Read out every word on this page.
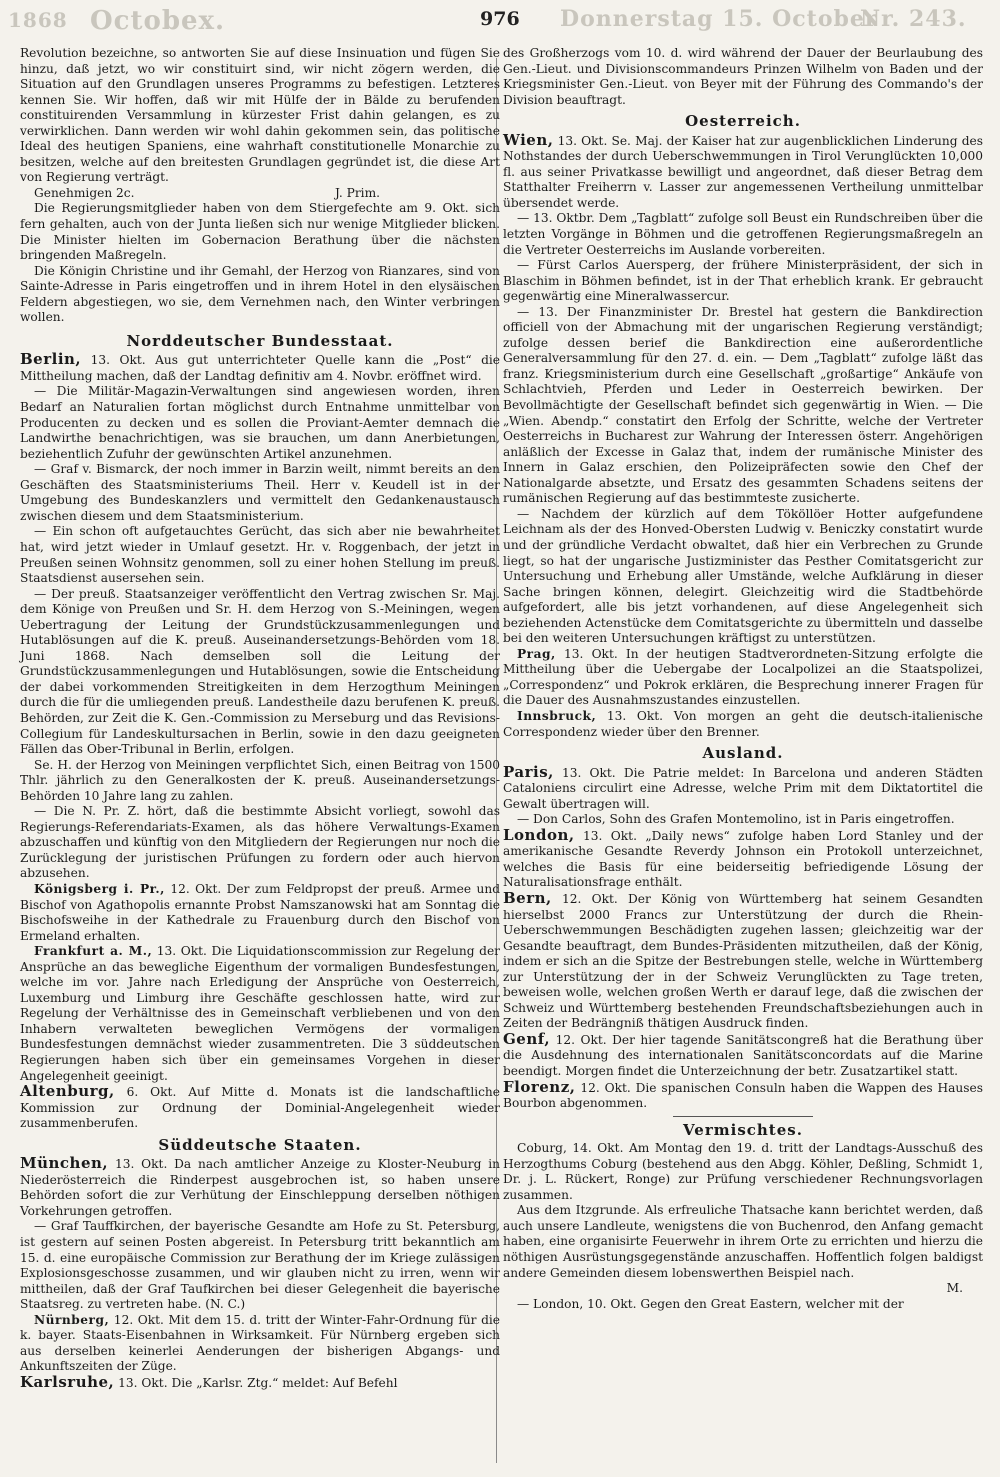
Octobex.
1868	976 Donnerstag 15. October
Nr. 243.

Revolution bezeichne, so antworten Sie auf diese Insinuation und fügen Sie hinzu, daß jetzt, wo wir constituirt sind, wir nicht zögern werden, die Situation auf den Grundlagen unseres Programms zu befestigen. Letzteres kennen Sie. Wir hoffen, daß wir mit Hülfe der in Bälde zu berufenden constituirenden Versammlung in kürzester Frist dahin gelangen, es zu verwirklichen. Dann werden wir wohl dahin gekommen sein, das politische Ideal des heutigen Spaniens, eine wahrhaft constitutionelle Monarchie zu besitzen, welche auf den breitesten Grundlagen gegründet ist, die diese Art von Regierung verträgt.

Genehmigen 2c.	J. Prim.

Die Regierungsmitglieder haben von dem Stiergefechte am 9. Okt. sich fern gehalten, auch von der Junta ließen sich nur wenige Mitglieder blicken. Die Minister hielten im Gobernacion Berathung über die nächsten bringenden Maßregeln.

Die Königin Christine und ihr Gemahl, der Herzog von Rianzares, sind von Sainte-Adresse in Paris eingetroffen und in ihrem Hotel in den elysäischen Feldern abgestiegen, wo sie, dem Vernehmen nach, den Winter verbringen wollen.

Norddeutscher Bundesstaat.

Berlin, 13. Okt. Aus gut unterrichteter Quelle kann die „Post“ die Mittheilung machen, daß der Landtag definitiv am 4. Novbr. eröffnet wird.

— Die Militär-Magazin-Verwaltungen sind angewiesen worden, ihren Bedarf an Naturalien fortan möglichst durch Entnahme unmittelbar von Producenten zu decken und es sollen die Proviant-Aemter demnach die Landwirthe benachrichtigen, was sie brauchen, um dann Anerbietungen, beziehentlich Zufuhr der gewünschten Artikel anzunehmen.

— Graf v. Bismarck, der noch immer in Barzin weilt, nimmt bereits an den Geschäften des Staatsministeriums Theil. Herr v. Keudell ist in der Umgebung des Bundeskanzlers und vermittelt den Gedankenaustausch zwischen diesem und dem Staatsministerium.

— Ein schon oft aufgetauchtes Gerücht, das sich aber nie bewahrheitet hat, wird jetzt wieder in Umlauf gesetzt. Hr. v. Roggenbach, der jetzt in Preußen seinen Wohnsitz genommen, soll zu einer hohen Stellung im preuß. Staatsdienst ausersehen sein.

— Der preuß. Staatsanzeiger veröffentlicht den Vertrag zwischen Sr. Maj. dem Könige von Preußen und Sr. H. dem Herzog von S.-Meiningen, wegen Uebertragung der Leitung der Grundstückzusammenlegungen und Hutablösungen auf die K. preuß. Auseinandersetzungs-Behörden vom 18. Juni 1868. Nach demselben soll die Leitung der Grundstückzusammenlegungen und Hutablösungen, sowie die Entscheidung der dabei vorkommenden Streitigkeiten in dem Herzogthum Meiningen durch die für die umliegenden preuß. Landestheile dazu berufenen K. preuß. Behörden, zur Zeit die K. Gen.-Commission zu Merseburg und das Revisions-Collegium für Landeskultursachen in Berlin, sowie in den dazu geeigneten Fällen das Ober-Tribunal in Berlin, erfolgen.

Se. H. der Herzog von Meiningen verpflichtet Sich, einen Beitrag von 1500 Thlr. jährlich zu den Generalkosten der K. preuß. Auseinandersetzungs-Behörden 10 Jahre lang zu zahlen.

— Die N. Pr. Z. hört, daß die bestimmte Absicht vorliegt, sowohl das Regierungs-Referendariats-Examen, als das höhere Verwaltungs-Examen abzuschaffen und künftig von den Mitgliedern der Regierungen nur noch die Zurücklegung der juristischen Prüfungen zu fordern oder auch hiervon abzusehen.

Königsberg i. Pr., 12. Okt. Der zum Feldpropst der preuß. Armee und Bischof von Agathopolis ernannte Probst Namszanowski hat am Sonntag die Bischofsweihe in der Kathedrale zu Frauenburg durch den Bischof von Ermeland erhalten.

Frankfurt a. M., 13. Okt. Die Liquidationscommission zur Regelung der Ansprüche an das bewegliche Eigenthum der vormaligen Bundesfestungen, welche im vor. Jahre nach Erledigung der Ansprüche von Oesterreich, Luxemburg und Limburg ihre Geschäfte geschlossen hatte, wird zur Regelung der Verhältnisse des in Gemeinschaft verbliebenen und von den Inhabern verwalteten beweglichen Vermögens der vormaligen Bundesfestungen demnächst wieder zusammentreten. Die 3 süddeutschen Regierungen haben sich über ein gemeinsames Vorgehen in dieser Angelegenheit geeinigt.

Altenburg, 6. Okt. Auf Mitte d. Monats ist die landschaftliche Kommission zur Ordnung der Dominial-Angelegenheit wieder zusammenberufen.

Süddeutsche Staaten.

München, 13. Okt. Da nach amtlicher Anzeige zu Kloster-Neuburg in Niederösterreich die Rinderpest ausgebrochen ist, so haben unsere Behörden sofort die zur Verhütung der Einschleppung derselben nöthigen Vorkehrungen getroffen.

— Graf Tauffkirchen, der bayerische Gesandte am Hofe zu St. Petersburg, ist gestern auf seinen Posten abgereist. In Petersburg tritt bekanntlich am 15. d. eine europäische Commission zur Berathung der im Kriege zulässigen Explosionsgeschosse zusammen, und wir glauben nicht zu irren, wenn wir mittheilen, daß der Graf Taufkirchen bei dieser Gelegenheit die bayerische Staatsreg. zu vertreten habe. (N. C.)

Nürnberg, 12. Okt. Mit dem 15. d. tritt der Winter-Fahr-Ordnung für die k. bayer. Staats-Eisenbahnen in Wirksamkeit. Für Nürnberg ergeben sich aus derselben keinerlei Aenderungen der bisherigen Abgangs- und Ankunftszeiten der Züge.

Karlsruhe, 13. Okt. Die „Karlsr. Ztg.“ meldet: Auf Befehl

des Großherzogs vom 10. d. wird während der Dauer der Beurlaubung des Gen.-Lieut. und Divisionscommandeurs Prinzen Wilhelm von Baden und der Kriegsminister Gen.-Lieut. von Beyer mit der Führung des Commando's der Division beauftragt.

Oesterreich.

Wien, 13. Okt. Se. Maj. der Kaiser hat zur augenblicklichen Linderung des Nothstandes der durch Ueberschwemmungen in Tirol Verunglückten 10,000 fl. aus seiner Privatkasse bewilligt und angeordnet, daß dieser Betrag dem Statthalter Freiherrn v. Lasser zur angemessenen Vertheilung unmittelbar übersendet werde.

— 13. Oktbr. Dem „Tagblatt“ zufolge soll Beust ein Rundschreiben über die letzten Vorgänge in Böhmen und die getroffenen Regierungsmaßregeln an die Vertreter Oesterreichs im Auslande vorbereiten.

— Fürst Carlos Auersperg, der frühere Ministerpräsident, der sich in Blaschim in Böhmen befindet, ist in der That erheblich krank. Er gebraucht gegenwärtig eine Mineralwassercur.

— 13. Der Finanzminister Dr. Brestel hat gestern die Bankdirection officiell von der Abmachung mit der ungarischen Regierung verständigt; zufolge dessen berief die Bankdirection eine außerordentliche Generalversammlung für den 27. d. ein. — Dem „Tagblatt“ zufolge läßt das franz. Kriegsministerium durch eine Gesellschaft „großartige“ Ankäufe von Schlachtvieh, Pferden und Leder in Oesterreich bewirken. Der Bevollmächtigte der Gesellschaft befindet sich gegenwärtig in Wien. — Die „Wien. Abendp.“ constatirt den Erfolg der Schritte, welche der Vertreter Oesterreichs in Bucharest zur Wahrung der Interessen österr. Angehörigen anläßlich der Excesse in Galaz that, indem der rumänische Minister des Innern in Galaz erschien, den Polizeipräfecten sowie den Chef der Nationalgarde absetzte, und Ersatz des gesammten Schadens seitens der rumänischen Regierung auf das bestimmteste zusicherte.

— Nachdem der kürzlich auf dem Tököllöer Hotter aufgefundene Leichnam als der des Honved-Obersten Ludwig v. Beniczky constatirt wurde und der gründliche Verdacht obwaltet, daß hier ein Verbrechen zu Grunde liegt, so hat der ungarische Justizminister das Pesther Comitatsgericht zur Untersuchung und Erhebung aller Umstände, welche Aufklärung in dieser Sache bringen können, delegirt. Gleichzeitig wird die Stadtbehörde aufgefordert, alle bis jetzt vorhandenen, auf diese Angelegenheit sich beziehenden Actenstücke dem Comitatsgerichte zu übermitteln und dasselbe bei den weiteren Untersuchungen kräftigst zu unterstützen.

Prag, 13. Okt. In der heutigen Stadtverordneten-Sitzung erfolgte die Mittheilung über die Uebergabe der Localpolizei an die Staatspolizei, „Correspondenz“ und Pokrok erklären, die Besprechung innerer Fragen für die Dauer des Ausnahmszustandes einzustellen.

Innsbruck, 13. Okt. Von morgen an geht die deutsch-italienische Correspondenz wieder über den Brenner.

Ausland.

Paris, 13. Okt. Die Patrie meldet: In Barcelona und anderen Städten Cataloniens circulirt eine Adresse, welche Prim mit dem Diktatortitel die Gewalt übertragen will.

— Don Carlos, Sohn des Grafen Montemolino, ist in Paris eingetroffen.

London, 13. Okt. „Daily news“ zufolge haben Lord Stanley und der amerikanische Gesandte Reverdy Johnson ein Protokoll unterzeichnet, welches die Basis für eine beiderseitig befriedigende Lösung der Naturalisationsfrage enthält.

Bern, 12. Okt. Der König von Württemberg hat seinem Gesandten hierselbst 2000 Francs zur Unterstützung der durch die Rhein-Ueberschwemmungen Beschädigten zugehen lassen; gleichzeitig war der Gesandte beauftragt, dem Bundes-Präsidenten mitzutheilen, daß der König, indem er sich an die Spitze der Bestrebungen stelle, welche in Württemberg zur Unterstützung der in der Schweiz Verunglückten zu Tage treten, beweisen wolle, welchen großen Werth er darauf lege, daß die zwischen der Schweiz und Württemberg bestehenden Freundschaftsbeziehungen auch in Zeiten der Bedrängniß thätigen Ausdruck finden.

Genf, 12. Okt. Der hier tagende Sanitätscongreß hat die Berathung über die Ausdehnung des internationalen Sanitätsconcordats auf die Marine beendigt. Morgen findet die Unterzeichnung der betr. Zusatzartikel statt.

Florenz, 12. Okt. Die spanischen Consuln haben die Wappen des Hauses Bourbon abgenommen.

Vermischtes.

Coburg, 14. Okt. Am Montag den 19. d. tritt der Landtags-Ausschuß des Herzogthums Coburg (bestehend aus den Abgg. Köhler, Deßling, Schmidt 1, Dr. j. L. Rückert, Ronge) zur Prüfung verschiedener Rechnungsvorlagen zusammen.

Aus dem Itzgrunde. Als erfreuliche Thatsache kann berichtet werden, daß auch unsere Landleute, wenigstens die von Buchenrod, den Anfang gemacht haben, eine organisirte Feuerwehr in ihrem Orte zu errichten und hierzu die nöthigen Ausrüstungsgegenstände anzuschaffen. Hoffentlich folgen baldigst andere Gemeinden diesem lobenswerthen Beispiel nach.

M.

— London, 10. Okt. Gegen den Great Eastern, welcher mit der
